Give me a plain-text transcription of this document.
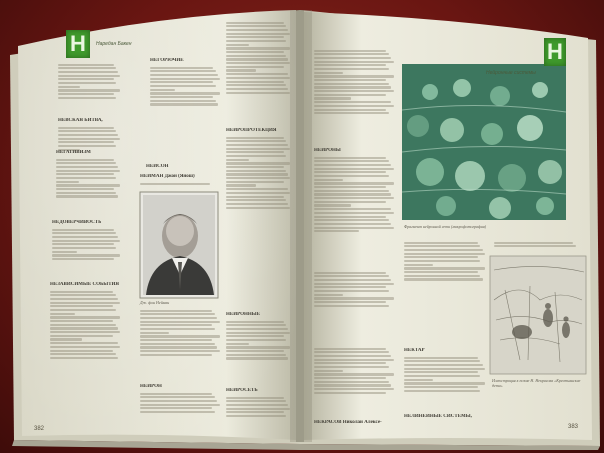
Н	Н
Наредан Бакен
Нейронные системы
НЕВСКАЯ БИТВА,
НЕГАТИВИЗМ
НЕДОВЕРЧИВОСТЬ
НЕЗАВИСИМЫЕ СОБЫТИЯ
НЕГОРЮЧИЕ
НЕЙСОН
НЕЙМАН Джон (Янош)
Дж. фон Нейман
НЕЙРОН
НЕЙРОПРОТЕКЦИЯ
НЕЙРОННЫЕ
НЕЙРОСЕТЬ
382
НЕЙРОНЫ
НЕКРАСОВ Николай Алексе-
Фрагмент нейронной сети (микрофотография)
НЕКТАР
НЕЛИНЕЙНЫЕ СИСТЕМЫ,
Иллюстрация к поэме Н. Некрасова «Крестьянские дети»
383
